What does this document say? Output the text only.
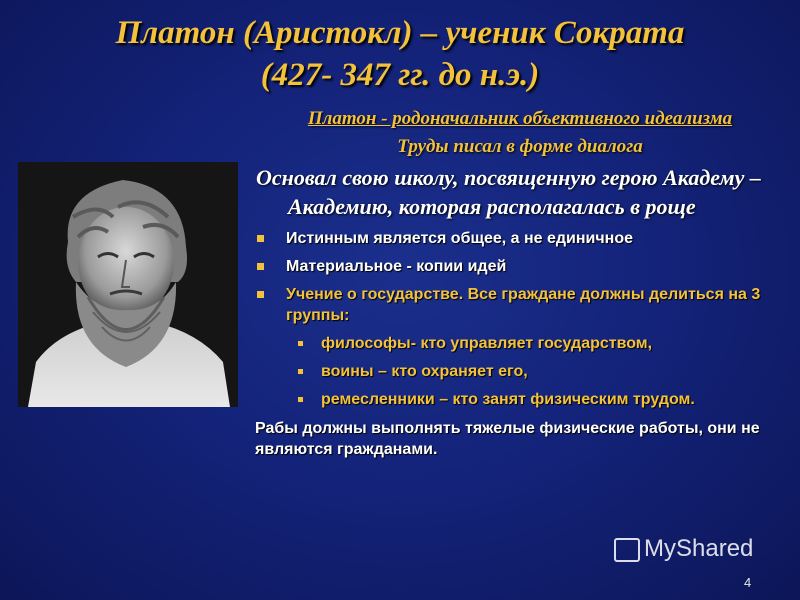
Платон (Аристокл) – ученик Сократа
(427- 347 гг. до н.э.)
Платон - родоначальник объективного идеализма
Труды писал в форме диалога
Основал свою школу, посвященную герою Академу – Академию, которая располагалась в роще
Истинным является общее, а не единичное
Материальное - копии идей
Учение о государстве. Все граждане должны делиться на 3 группы:
философы- кто управляет государством,
воины – кто охраняет его,
ремесленники – кто занят физическим трудом.
Рабы должны выполнять тяжелые физические работы, они не являются гражданами.
MyShared
4
